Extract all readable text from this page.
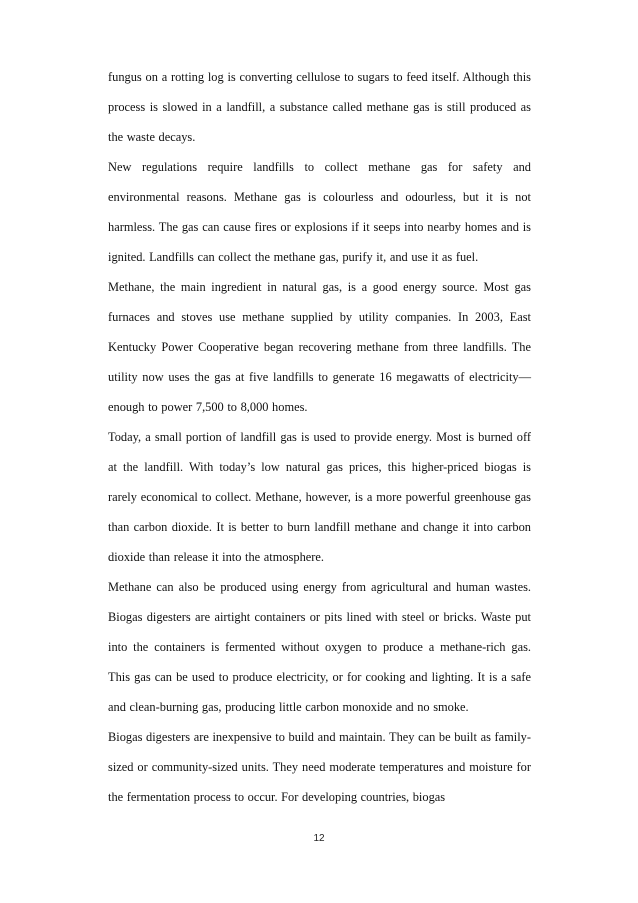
fungus on a rotting log is converting cellulose to sugars to feed itself. Although this process is slowed in a landfill, a substance called methane gas is still produced as the waste decays.

New regulations require landfills to collect methane gas for safety and environmental reasons. Methane gas is colourless and odourless, but it is not harmless. The gas can cause fires or explosions if it seeps into nearby homes and is ignited. Landfills can collect the methane gas, purify it, and use it as fuel.

Methane, the main ingredient in natural gas, is a good energy source. Most gas furnaces and stoves use methane supplied by utility companies. In 2003, East Kentucky Power Cooperative began recovering methane from three landfills. The utility now uses the gas at five landfills to generate 16 megawatts of electricity—enough to power 7,500 to 8,000 homes.

Today, a small portion of landfill gas is used to provide energy. Most is burned off at the landfill. With today’s low natural gas prices, this higher-priced biogas is rarely economical to collect. Methane, however, is a more powerful greenhouse gas than carbon dioxide. It is better to burn landfill methane and change it into carbon dioxide than release it into the atmosphere.

Methane can also be produced using energy from agricultural and human wastes. Biogas digesters are airtight containers or pits lined with steel or bricks. Waste put into the containers is fermented without oxygen to produce a methane-rich gas. This gas can be used to produce electricity, or for cooking and lighting. It is a safe and clean-burning gas, producing little carbon monoxide and no smoke.

Biogas digesters are inexpensive to build and maintain. They can be built as family-sized or community-sized units. They need moderate temperatures and moisture for the fermentation process to occur. For developing countries, biogas

12
